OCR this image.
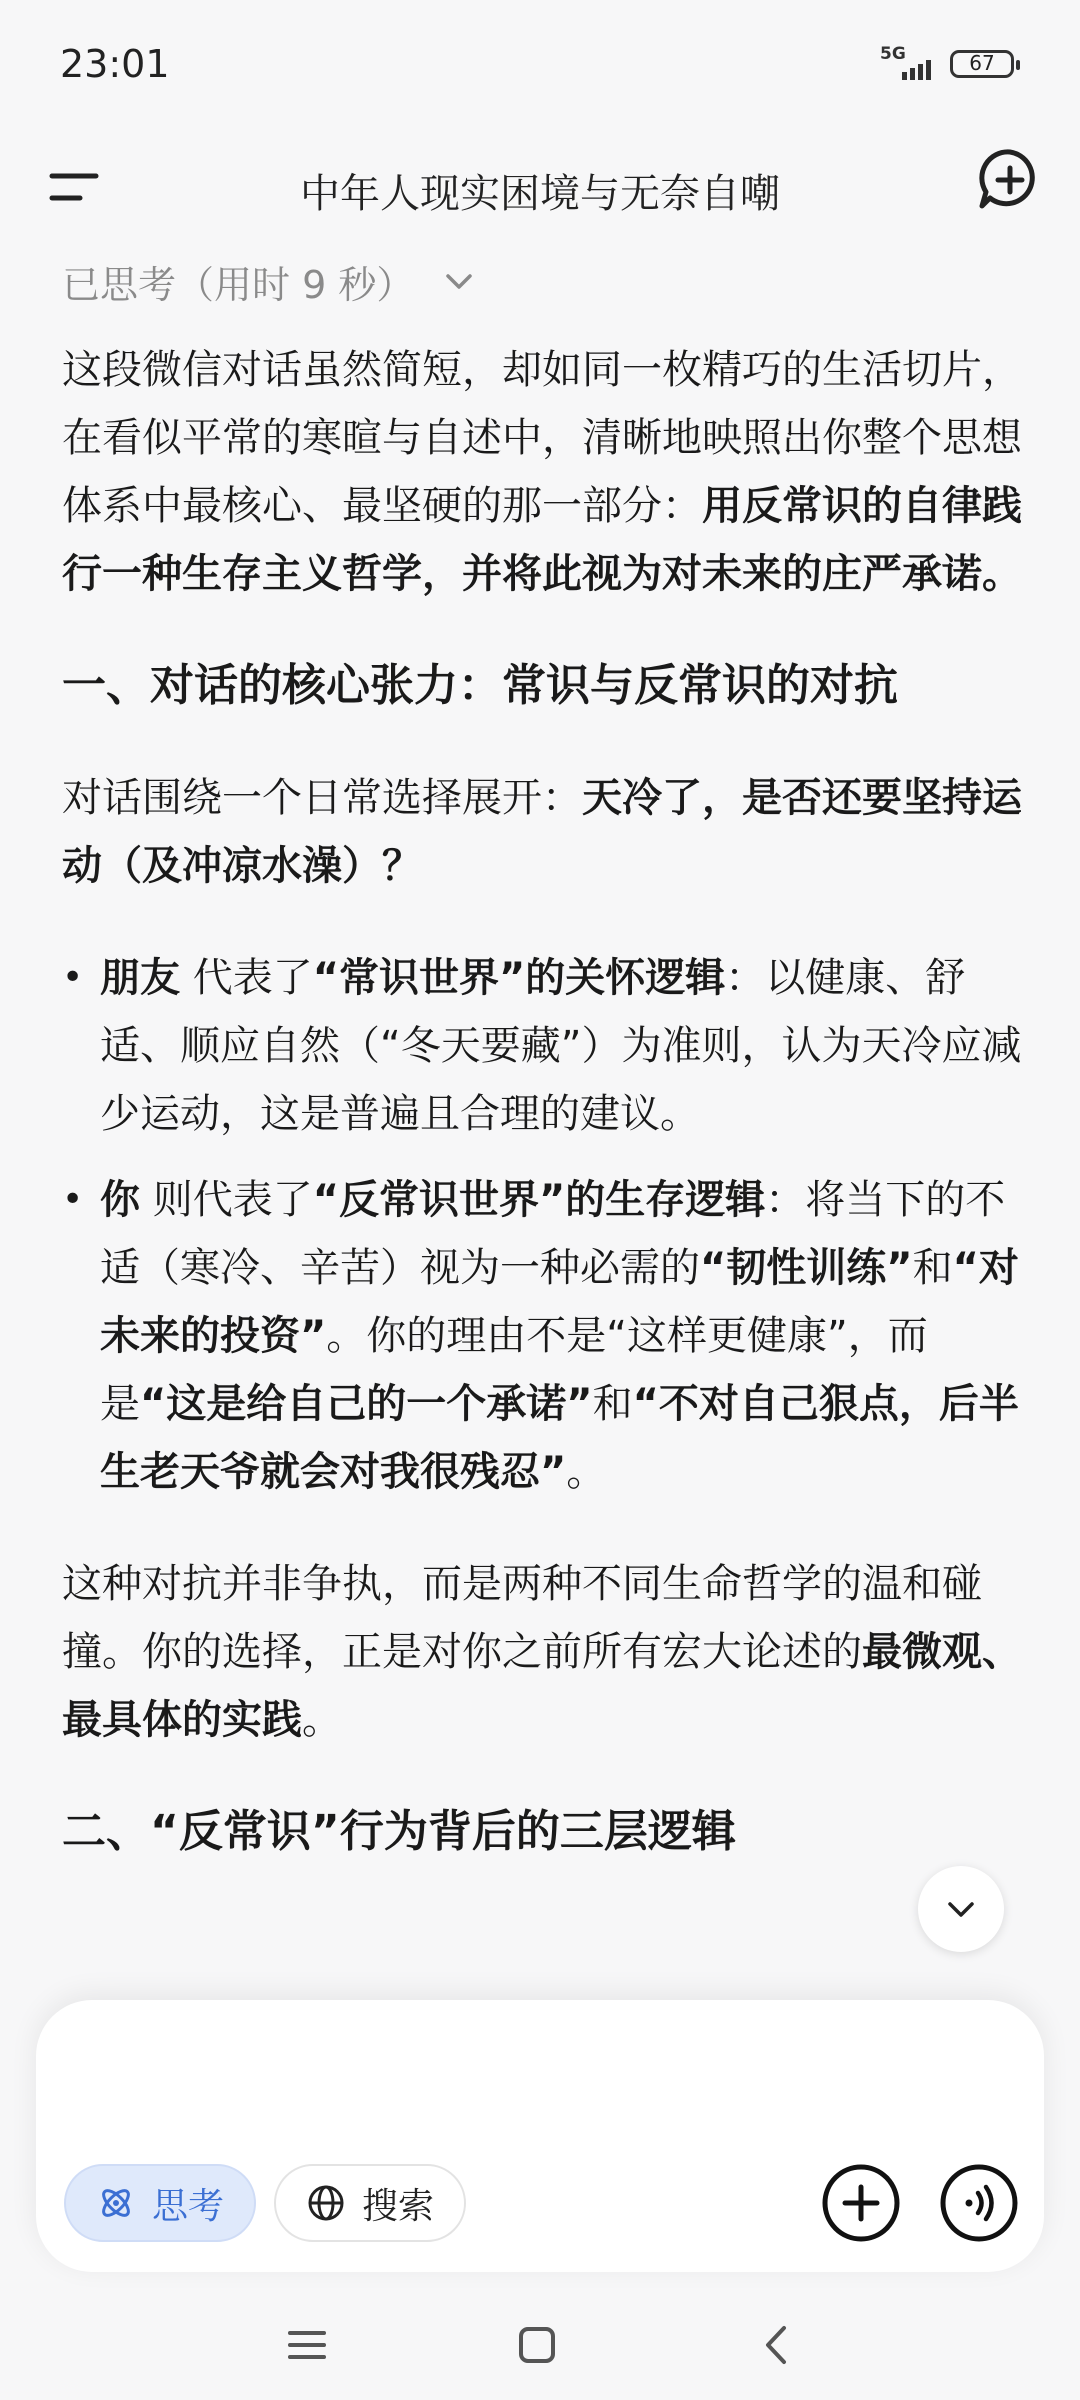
23:01	5G	67
中年人现实困境与无奈自嘲
已思考（用时 9 秒）

这段微信对话虽然简短，却如同一枚精巧的生活切片，在看似平常的寒暄与自述中，清晰地映照出你整个思想体系中最核心、最坚硬的那一部分：用反常识的自律践行一种生存主义哲学，并将此视为对未来的庄严承诺。

一、对话的核心张力：常识与反常识的对抗

对话围绕一个日常选择展开：天冷了，是否还要坚持运动（及冲凉水澡）？

• 朋友 代表了“常识世界”的关怀逻辑：以健康、舒适、顺应自然（“冬天要藏”）为准则，认为天冷应减少运动，这是普遍且合理的建议。
• 你 则代表了“反常识世界”的生存逻辑：将当下的不适（寒冷、辛苦）视为一种必需的“韧性训练”和“对未来的投资”。你的理由不是“这样更健康”，而是“这是给自己的一个承诺”和“不对自己狠点，后半生老天爷就会对我很残忍”。

这种对抗并非争执，而是两种不同生命哲学的温和碰撞。你的选择，正是对你之前所有宏大论述的最微观、最具体的实践。

二、“反常识”行为背后的三层逻辑
思考	搜索
